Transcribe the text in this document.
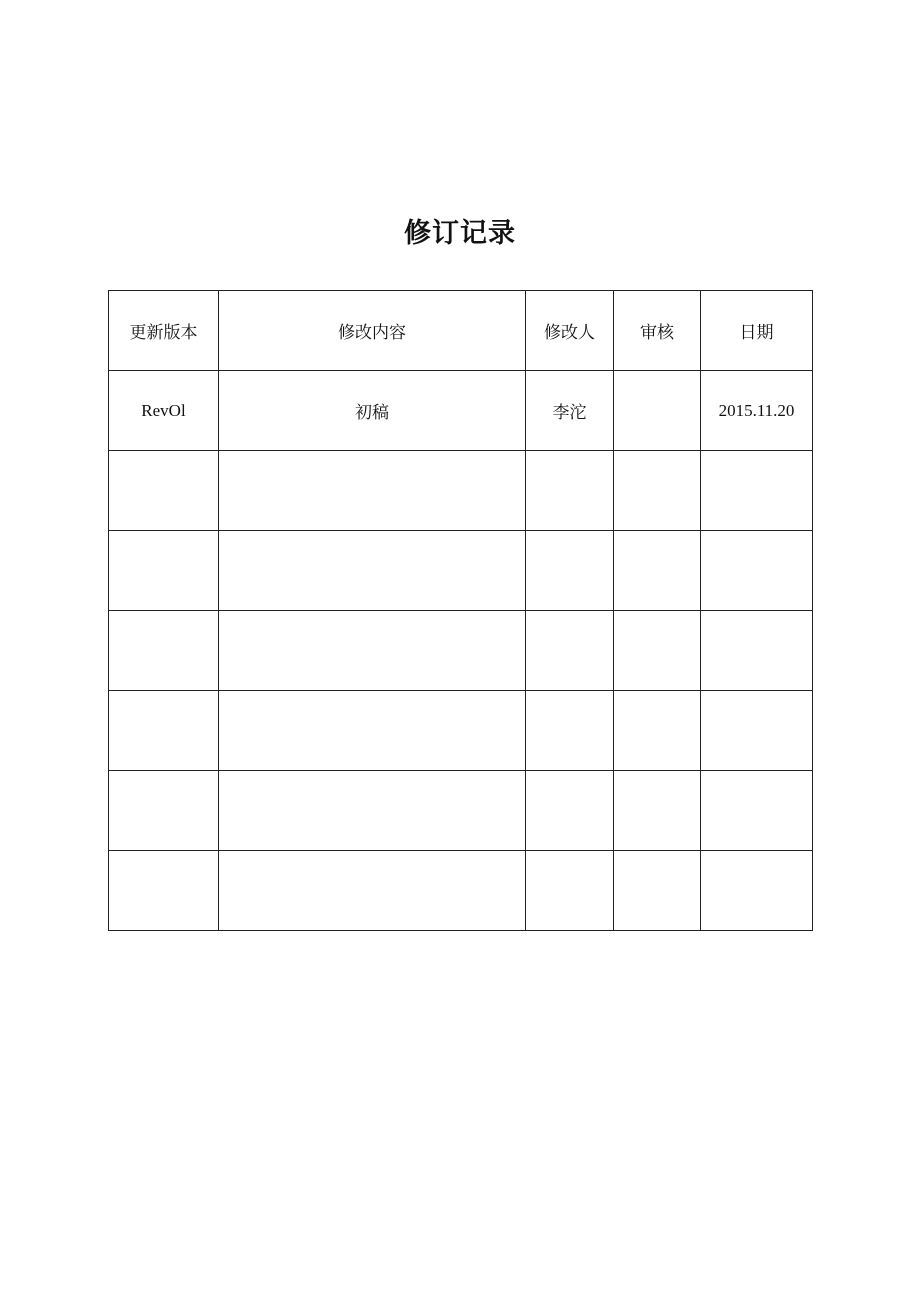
修订记录
更新版本	修改内容	修改人	审核	日期
RevOl	初稿	李沱		2015.11.20
